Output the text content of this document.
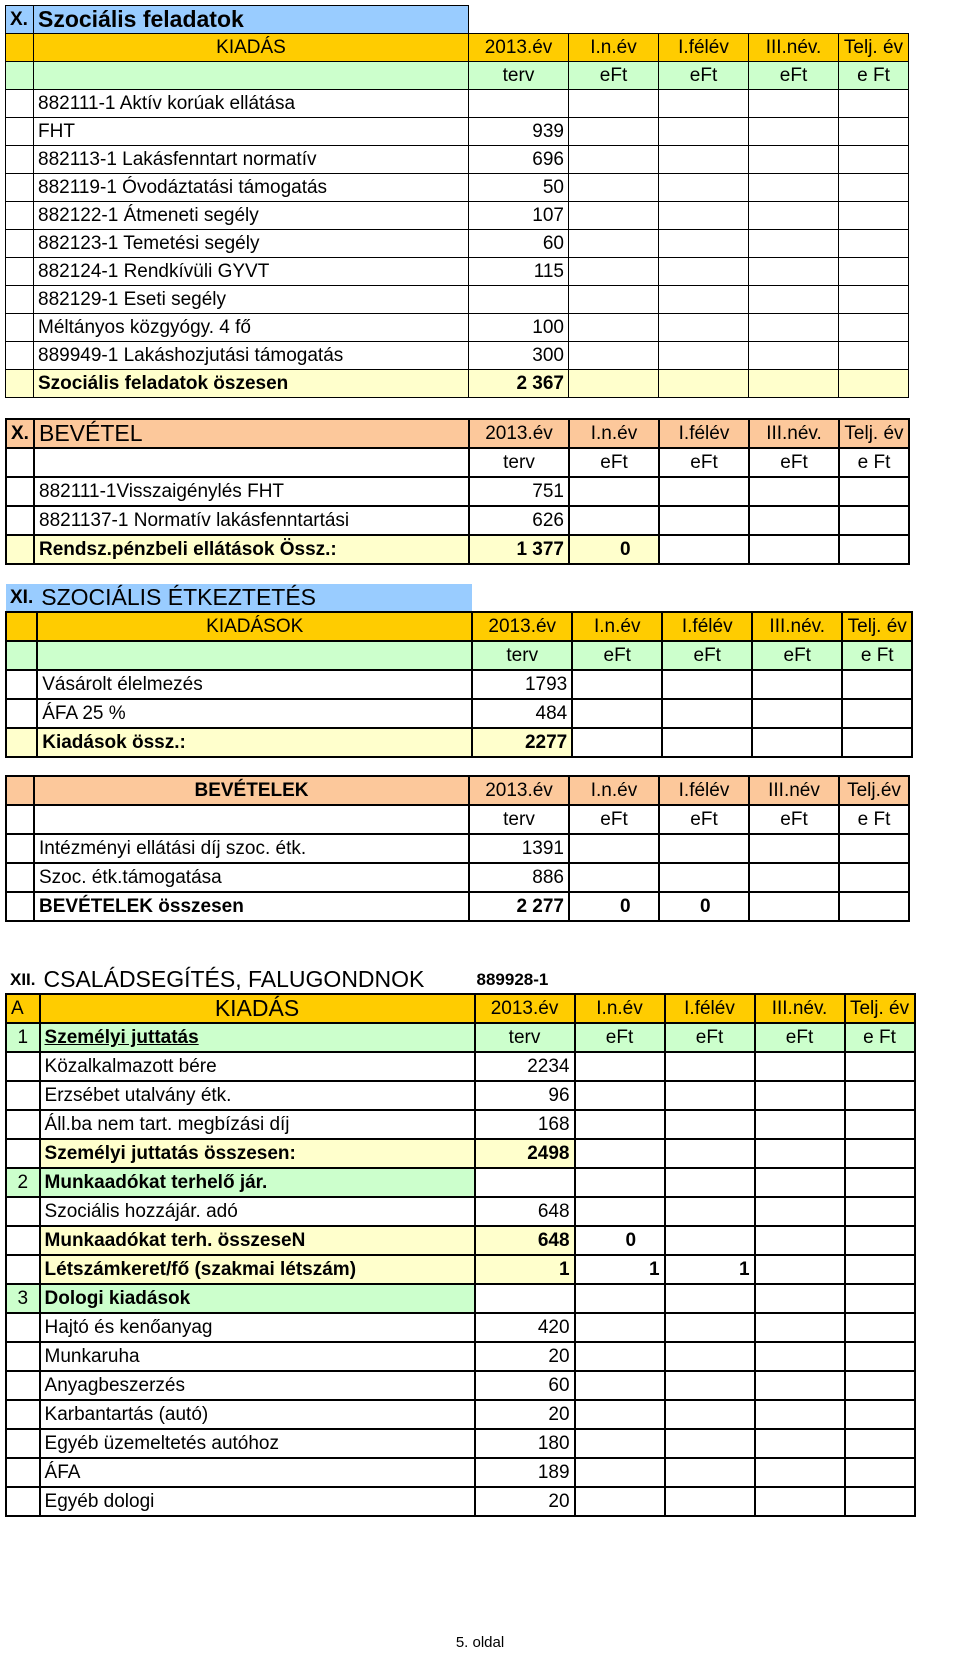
X.	Szociális feladatok					
	KIADÁS	2013.év	I.n.év	I.félév	III.név.	Telj. év
		terv	eFt	eFt	eFt	e Ft
	882111-1 Aktív korúak ellátása					
	FHT	939				
	882113-1 Lakásfenntart normatív	696				
	882119-1 Óvodáztatási támogatás	50				
	882122-1 Átmeneti segély	107				
	882123-1 Temetési segély	60				
	882124-1 Rendkívüli GYVT	115				
	882129-1 Eseti segély					
	Méltányos közgyógy. 4 fő	100				
	889949-1 Lakáshozjutási támogatás	300				
	Szociális feladatok öszesen	2 367				
X.	BEVÉTEL	2013.év	I.n.év	I.félév	III.név.	Telj. év
		terv	eFt	eFt	eFt	e Ft
	882111-1Visszaigénylés FHT	751				
	8821137-1 Normatív lakásfenntartási	626				
	Rendsz.pénzbeli ellátások Össz.:	1 377	0			
XI.	SZOCIÁLIS ÉTKEZTETÉS					
	KIADÁSOK	2013.év	I.n.év	I.félév	III.név.	Telj. év
		terv	eFt	eFt	eFt	e Ft
	Vásárolt élelmezés	1793				
	ÁFA 25 %	484				
	Kiadások össz.:	2277				
	BEVÉTELEK	2013.év	I.n.év	I.félév	III.név	Telj.év
		terv	eFt	eFt	eFt	e Ft
	Intézményi ellátási díj szoc. étk.	1391				
	Szoc. étk.támogatása	886				
	BEVÉTELEK összesen	2 277	0	0		
XII.	CSALÁDSEGÍTÉS, FALUGONDNOK	889928-1				
A	KIADÁS	2013.év	I.n.év	I.félév	III.név.	Telj. év
1	Személyi juttatás	terv	eFt	eFt	eFt	e Ft
	Közalkalmazott bére	2234				
	Erzsébet utalvány étk.	96				
	Áll.ba nem tart. megbízási díj	168				
	Személyi juttatás összesen:	2498				
2	Munkaadókat terhelő jár.					
	Szociális hozzájár. adó	648				
	Munkaadókat terh. összeseN	648	0			
	Létszámkeret/fő (szakmai létszám)	1	1	1		
3	Dologi kiadások					
	Hajtó és kenőanyag	420				
	Munkaruha	20				
	Anyagbeszerzés	60				
	Karbantartás (autó)	20				
	Egyéb üzemeltetés autóhoz	180				
	ÁFA	189				
	Egyéb dologi	20				
5. oldal
